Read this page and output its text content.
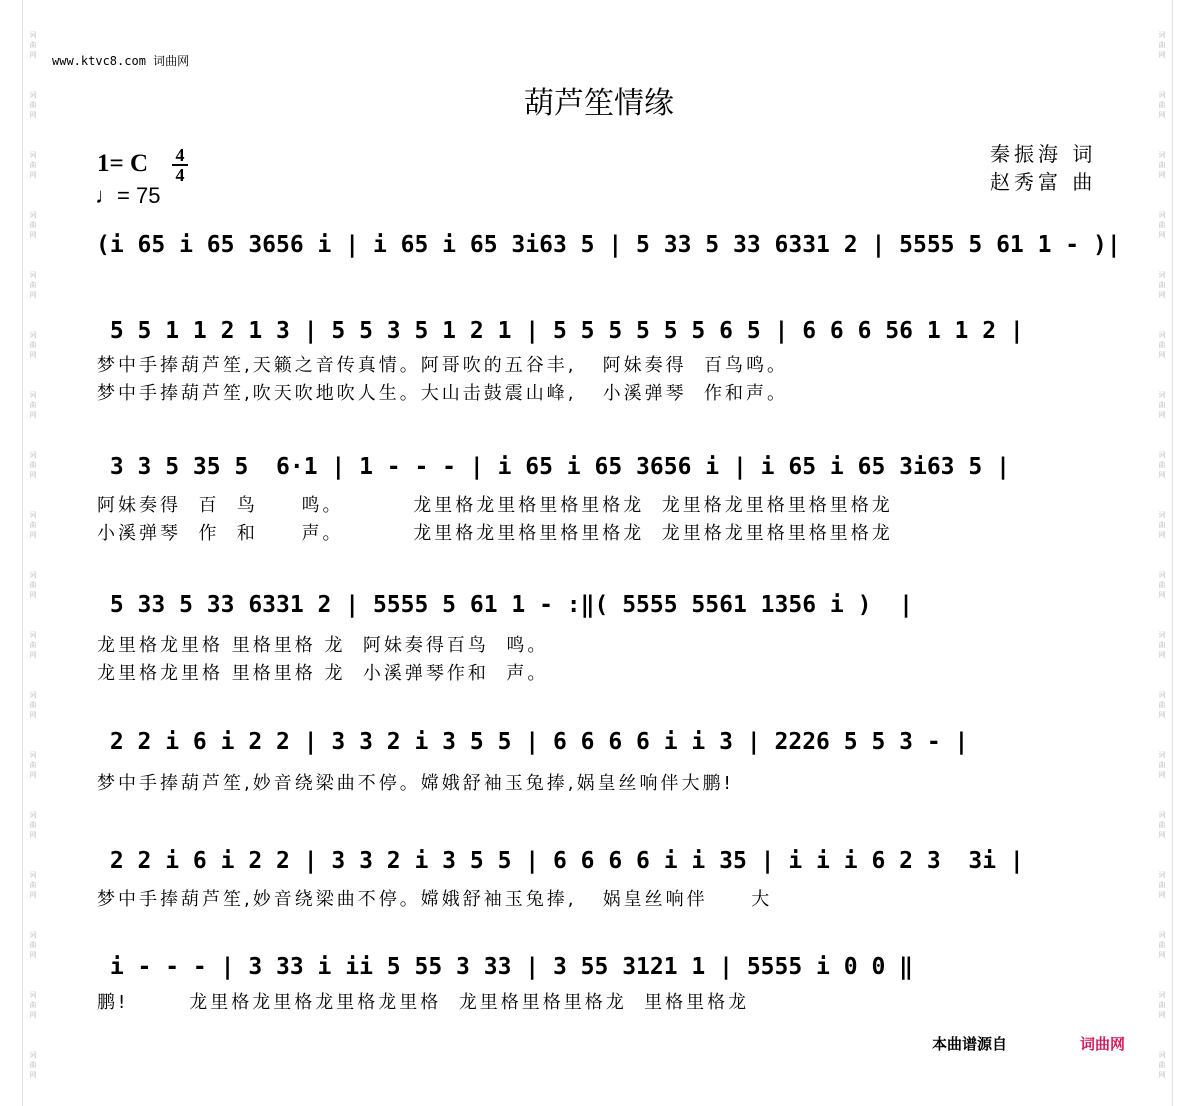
词
曲
网
词
曲
网
词
曲
网
词
曲
网
词
曲
网
词
曲
网
词
曲
网
词
曲
网
词
曲
网
词
曲
网
词
曲
网
词
曲
网
词
曲
网
词
曲
网
词
曲
网
词
曲
网
词
曲
网
词
曲
网
词
曲
网
词
曲
网
词
曲
网
词
曲
网
词
曲
网
词
曲
网
词
曲
网
词
曲
网
词
曲
网
词
曲
网
词
曲
网
词
曲
网
词
曲
网
词
曲
网
词
曲
网
词
曲
网
词
曲
网
词
曲
网
www.ktvc8.com 词曲网
葫芦笙情缘
1= C	4
4
♩= 75
秦振海 词
赵秀富 曲
(i 65 i 65 3656 i | i 65 i 65 3i63 5 | 5 33 5 33 6331 2 | 5555 5 61 1 - )|
5 5 1 1 2 1 3 | 5 5 3 5 1 2 1 | 5 5 5 5 5 5 6 5 | 6 6 6 56 1 1 2 |
梦中手捧葫芦笙,天籁之音传真情。阿哥吹的五谷丰,   阿妹奏得  百鸟鸣。
梦中手捧葫芦笙,吹天吹地吹人生。大山击鼓震山峰,   小溪弹琴  作和声。
3 3 5 35 5  6·1 | 1 - - - | i 65 i 65 3656 i | i 65 i 65 3i63 5 |
阿妹奏得  百  鸟     鸣。        龙里格龙里格里格里格龙  龙里格龙里格里格里格龙
小溪弹琴  作  和     声。        龙里格龙里格里格里格龙  龙里格龙里格里格里格龙
5 33 5 33 6331 2 | 5555 5 61 1 - :‖( 5555 5561 1356 i )  |
龙里格龙里格 里格里格 龙  阿妹奏得百鸟  鸣。
龙里格龙里格 里格里格 龙  小溪弹琴作和  声。
2 2 i 6 i 2 2 | 3 3 2 i 3 5 5 | 6 6 6 6 i i 3 | 2226 5 5 3 - |
梦中手捧葫芦笙,妙音绕梁曲不停。嫦娥舒袖玉兔捧,娲皇丝响伴大鹏!
2 2 i 6 i 2 2 | 3 3 2 i 3 5 5 | 6 6 6 6 i i 35 | i i i 6 2 3  3i |
梦中手捧葫芦笙,妙音绕梁曲不停。嫦娥舒袖玉兔捧,   娲皇丝响伴     大
i - - - | 3 33 i ii 5 55 3 33 | 3 55 3121 1 | 5555 i 0 0 ‖
鹏!       龙里格龙里格龙里格龙里格  龙里格里格里格龙  里格里格龙
本曲谱源自	词曲网
